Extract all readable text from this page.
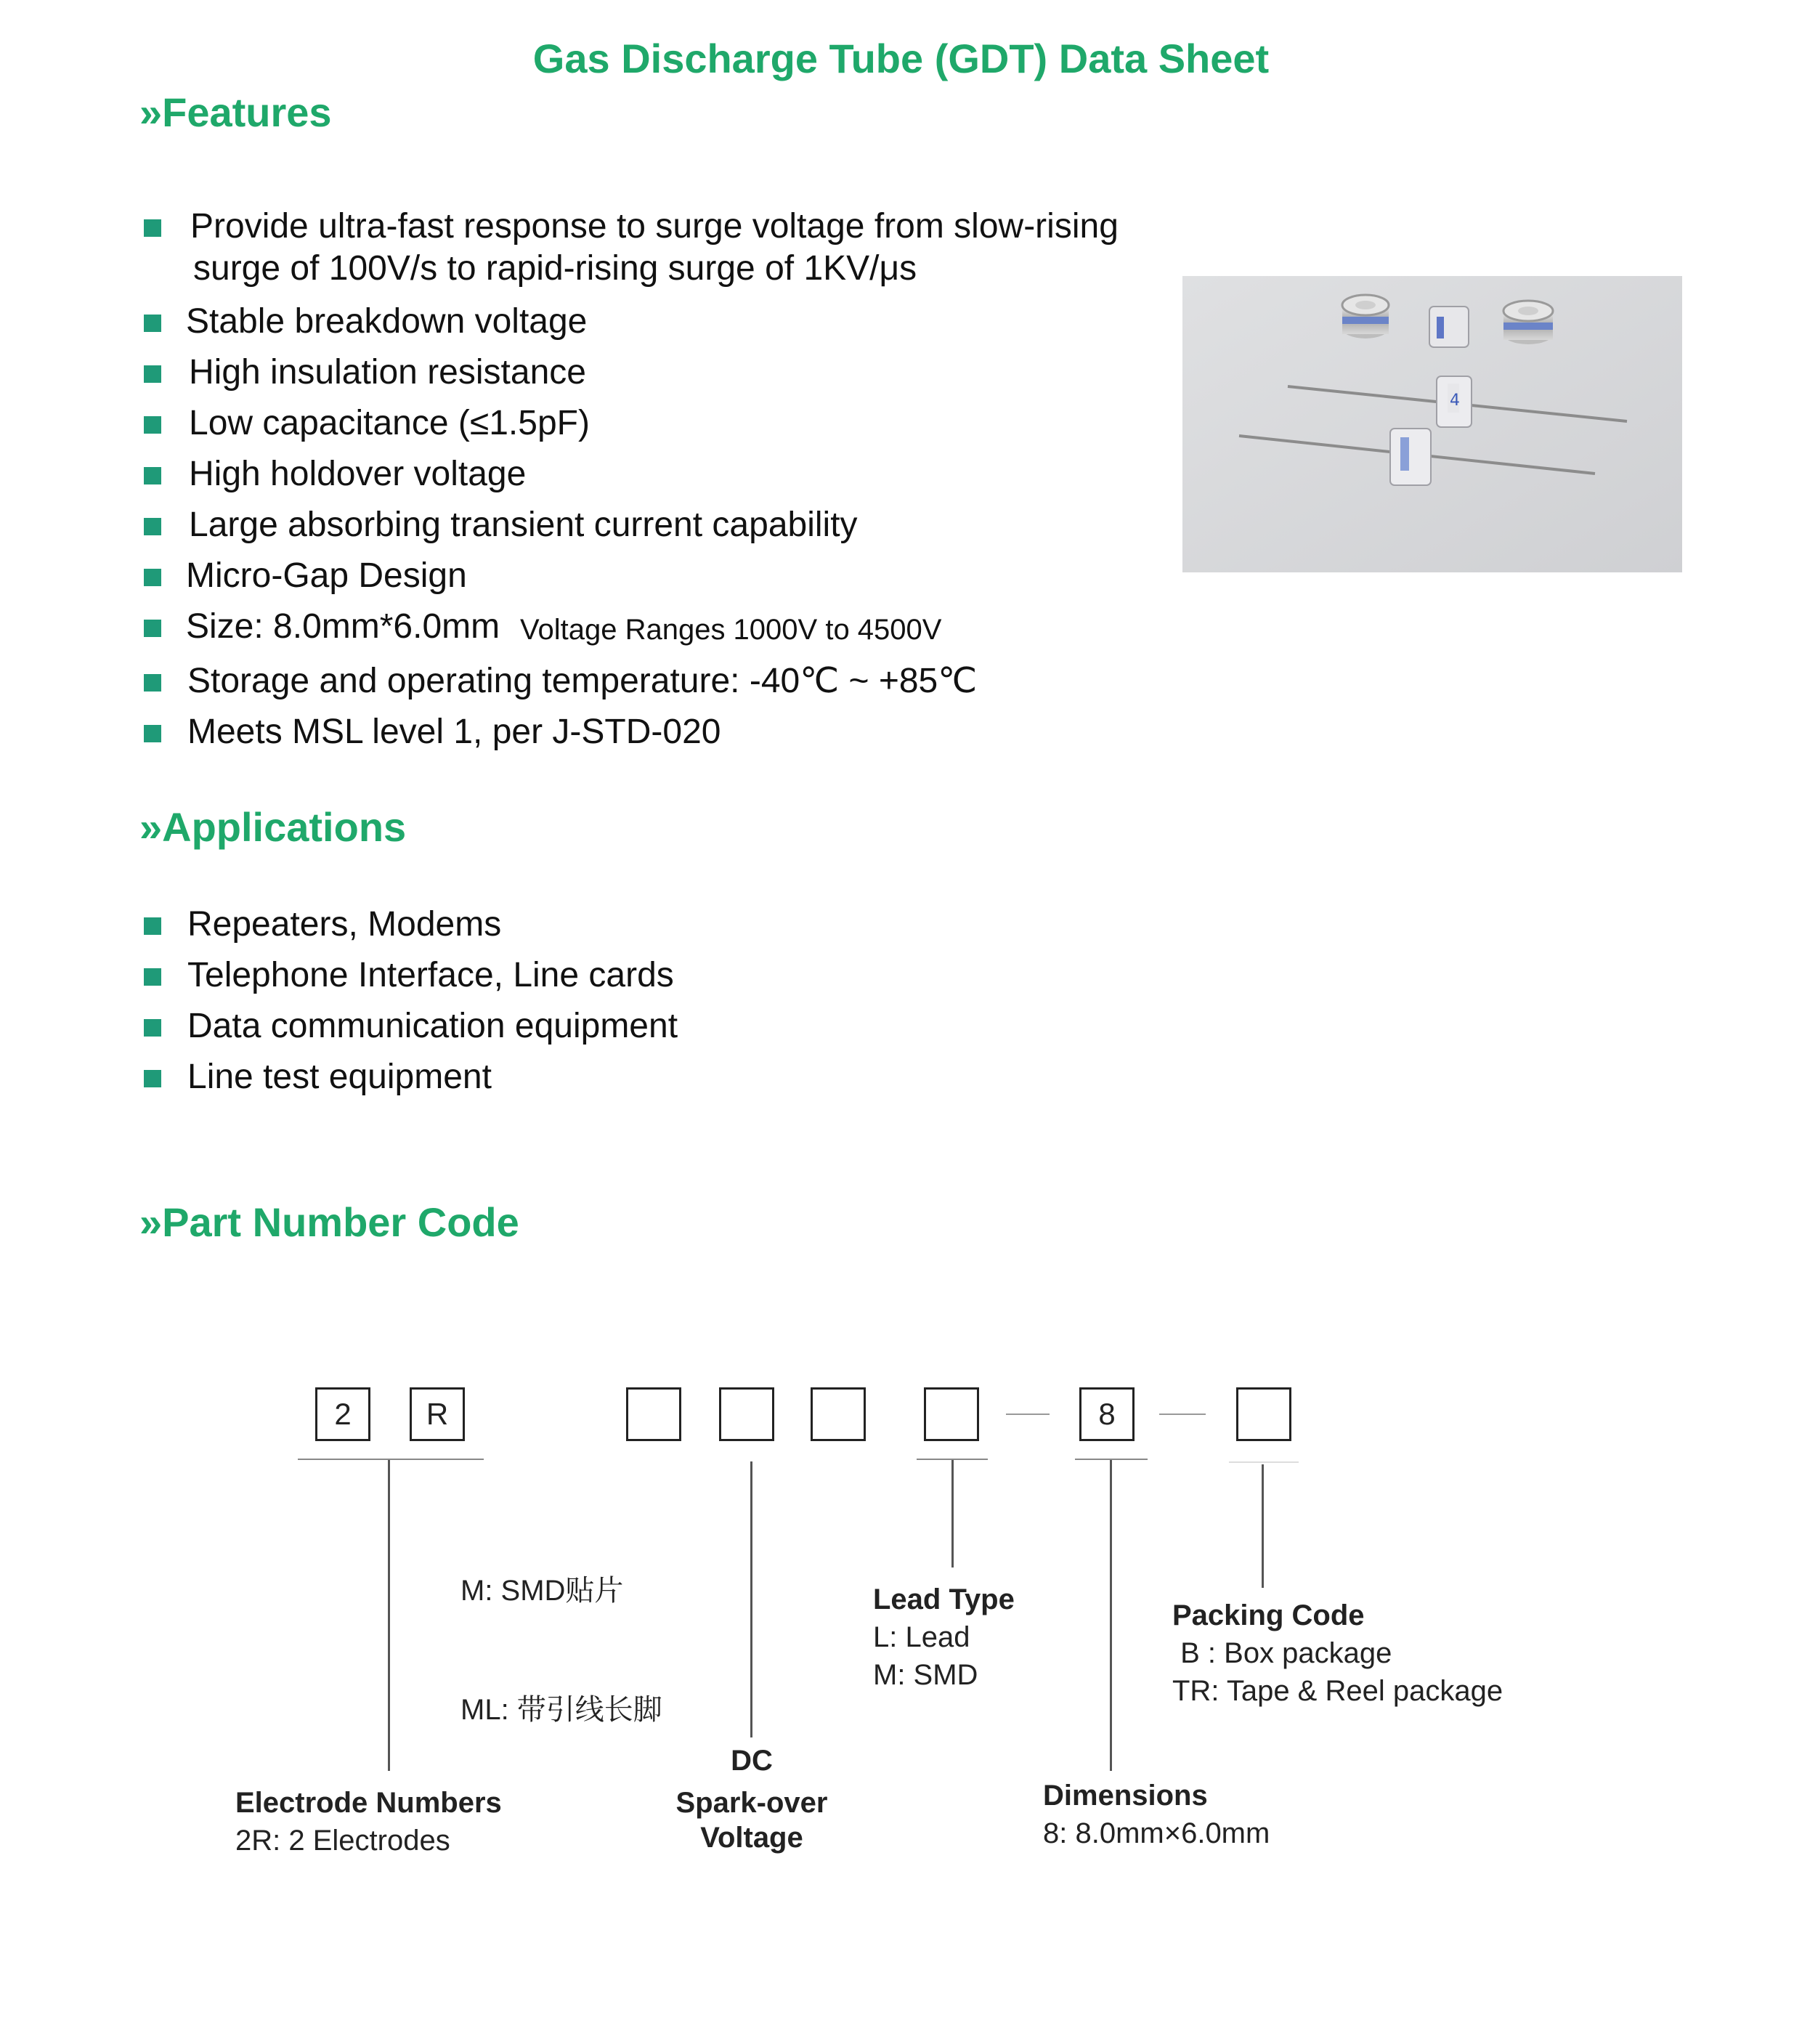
Gas Discharge Tube (GDT) Data Sheet
»Features
Provide ultra-fast response to surge voltage from slow-rising
surge of 100V/s to rapid-rising surge of 1KV/μs
Stable breakdown voltage
High insulation resistance
Low capacitance (≤1.5pF)
High holdover voltage
Large absorbing transient current capability
Micro-Gap Design
Size: 8.0mm*6.0mm Voltage Ranges 1000V to 4500V
Storage and operating temperature: -40℃ ~ +85℃
Meets MSL level 1, per J-STD-020
4
»Applications
Repeaters, Modems
Telephone Interface, Line cards
Data communication equipment
Line test equipment
»Part Number Code
2	R	8
M: SMD贴片
ML: 带引线长脚
Lead Type
L: Lead
M: SMD
Packing Code
B : Box package
TR: Tape & Reel package
DC
Spark-over
Voltage
Electrode Numbers
2R: 2 Electrodes
Dimensions
8: 8.0mm×6.0mm
